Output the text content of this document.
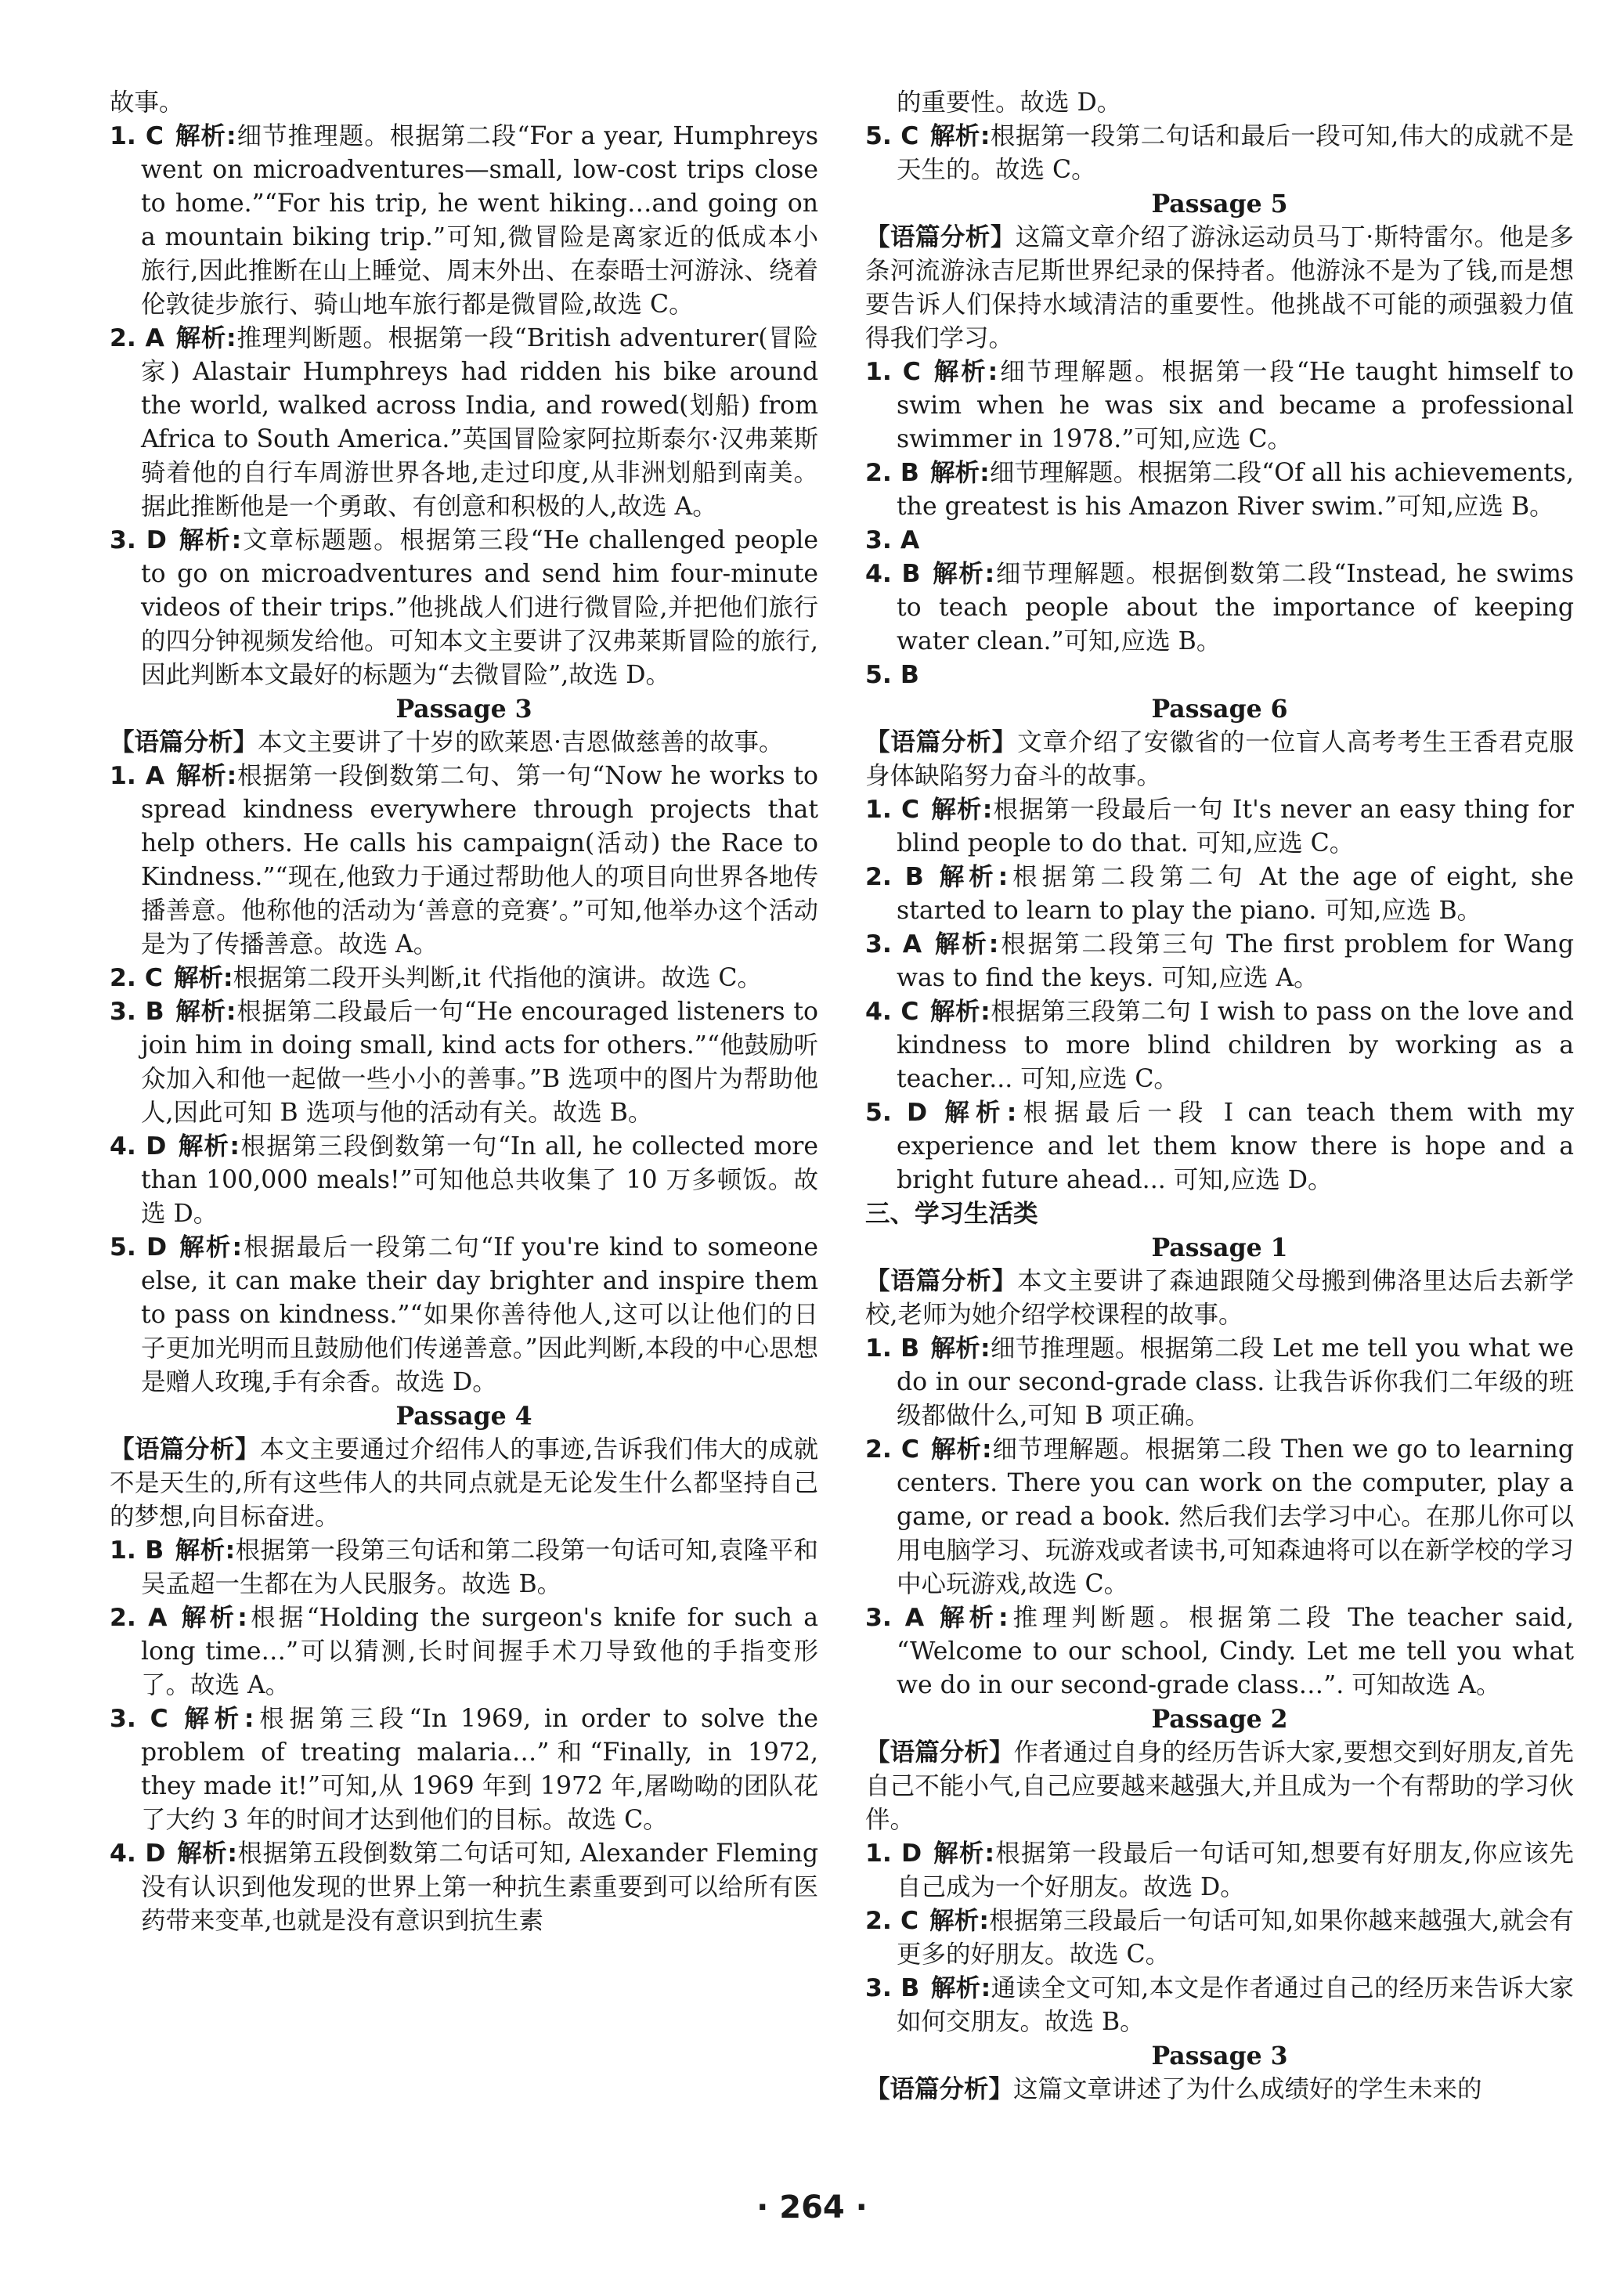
故事。

1. C 解析:细节推理题。根据第二段“For a year, Humphreys went on microadventures—small, low-cost trips close to home.”“For his trip, he went hiking…and going on a mountain biking trip.”可知,微冒险是离家近的低成本小旅行,因此推断在山上睡觉、周末外出、在泰晤士河游泳、绕着伦敦徒步旅行、骑山地车旅行都是微冒险,故选 C。

2. A 解析:推理判断题。根据第一段“British adventurer(冒险家) Alastair Humphreys had ridden his bike around the world, walked across India, and rowed(划船) from Africa to South America.”英国冒险家阿拉斯泰尔·汉弗莱斯骑着他的自行车周游世界各地,走过印度,从非洲划船到南美。据此推断他是一个勇敢、有创意和积极的人,故选 A。

3. D 解析:文章标题题。根据第三段“He challenged people to go on microadventures and send him four-minute videos of their trips.”他挑战人们进行微冒险,并把他们旅行的四分钟视频发给他。可知本文主要讲了汉弗莱斯冒险的旅行,因此判断本文最好的标题为“去微冒险”,故选 D。

Passage 3

【语篇分析】本文主要讲了十岁的欧莱恩·吉恩做慈善的故事。

1. A 解析:根据第一段倒数第二句、第一句“Now he works to spread kindness everywhere through projects that help others. He calls his campaign(活动) the Race to Kindness.”“现在,他致力于通过帮助他人的项目向世界各地传播善意。他称他的活动为‘善意的竞赛’。”可知,他举办这个活动是为了传播善意。故选 A。

2. C 解析:根据第二段开头判断,it 代指他的演讲。故选 C。

3. B 解析:根据第二段最后一句“He encouraged listeners to join him in doing small, kind acts for others.”“他鼓励听众加入和他一起做一些小小的善事。”B 选项中的图片为帮助他人,因此可知 B 选项与他的活动有关。故选 B。

4. D 解析:根据第三段倒数第一句“In all, he collected more than 100,000 meals!”可知他总共收集了 10 万多顿饭。故选 D。

5. D 解析:根据最后一段第二句“If you're kind to someone else, it can make their day brighter and inspire them to pass on kindness.”“如果你善待他人,这可以让他们的日子更加光明而且鼓励他们传递善意。”因此判断,本段的中心思想是赠人玫瑰,手有余香。故选 D。

Passage 4

【语篇分析】本文主要通过介绍伟人的事迹,告诉我们伟大的成就不是天生的,所有这些伟人的共同点就是无论发生什么都坚持自己的梦想,向目标奋进。

1. B 解析:根据第一段第三句话和第二段第一句话可知,袁隆平和吴孟超一生都在为人民服务。故选 B。

2. A 解析:根据“Holding the surgeon's knife for such a long time…”可以猜测,长时间握手术刀导致他的手指变形了。故选 A。

3. C 解析:根据第三段“In 1969, in order to solve the problem of treating malaria…”和“Finally, in 1972, they made it!”可知,从 1969 年到 1972 年,屠呦呦的团队花了大约 3 年的时间才达到他们的目标。故选 C。

4. D 解析:根据第五段倒数第二句话可知, Alexander Fleming 没有认识到他发现的世界上第一种抗生素重要到可以给所有医药带来变革,也就是没有意识到抗生素

的重要性。故选 D。

5. C 解析:根据第一段第二句话和最后一段可知,伟大的成就不是天生的。故选 C。

Passage 5

【语篇分析】这篇文章介绍了游泳运动员马丁·斯特雷尔。他是多条河流游泳吉尼斯世界纪录的保持者。他游泳不是为了钱,而是想要告诉人们保持水域清洁的重要性。他挑战不可能的顽强毅力值得我们学习。

1. C 解析:细节理解题。根据第一段“He taught himself to swim when he was six and became a professional swimmer in 1978.”可知,应选 C。

2. B 解析:细节理解题。根据第二段“Of all his achievements, the greatest is his Amazon River swim.”可知,应选 B。

3. A

4. B 解析:细节理解题。根据倒数第二段“Instead, he swims to teach people about the importance of keeping water clean.”可知,应选 B。

5. B

Passage 6

【语篇分析】文章介绍了安徽省的一位盲人高考考生王香君克服身体缺陷努力奋斗的故事。

1. C 解析:根据第一段最后一句 It's never an easy thing for blind people to do that. 可知,应选 C。

2. B 解析:根据第二段第二句 At the age of eight, she started to learn to play the piano. 可知,应选 B。

3. A 解析:根据第二段第三句 The first problem for Wang was to find the keys. 可知,应选 A。

4. C 解析:根据第三段第二句 I wish to pass on the love and kindness to more blind children by working as a teacher... 可知,应选 C。

5. D 解析:根据最后一段 I can teach them with my experience and let them know there is hope and a bright future ahead... 可知,应选 D。

三、学习生活类

Passage 1

【语篇分析】本文主要讲了森迪跟随父母搬到佛洛里达后去新学校,老师为她介绍学校课程的故事。

1. B 解析:细节推理题。根据第二段 Let me tell you what we do in our second-grade class. 让我告诉你我们二年级的班级都做什么,可知 B 项正确。

2. C 解析:细节理解题。根据第二段 Then we go to learning centers. There you can work on the computer, play a game, or read a book. 然后我们去学习中心。在那儿你可以用电脑学习、玩游戏或者读书,可知森迪将可以在新学校的学习中心玩游戏,故选 C。

3. A 解析:推理判断题。根据第二段 The teacher said, “Welcome to our school, Cindy. Let me tell you what we do in our second-grade class…”. 可知故选 A。

Passage 2

【语篇分析】作者通过自身的经历告诉大家,要想交到好朋友,首先自己不能小气,自己应要越来越强大,并且成为一个有帮助的学习伙伴。

1. D 解析:根据第一段最后一句话可知,想要有好朋友,你应该先自己成为一个好朋友。故选 D。

2. C 解析:根据第三段最后一句话可知,如果你越来越强大,就会有更多的好朋友。故选 C。

3. B 解析:通读全文可知,本文是作者通过自己的经历来告诉大家如何交朋友。故选 B。

Passage 3

【语篇分析】这篇文章讲述了为什么成绩好的学生未来的

· 264 ·
